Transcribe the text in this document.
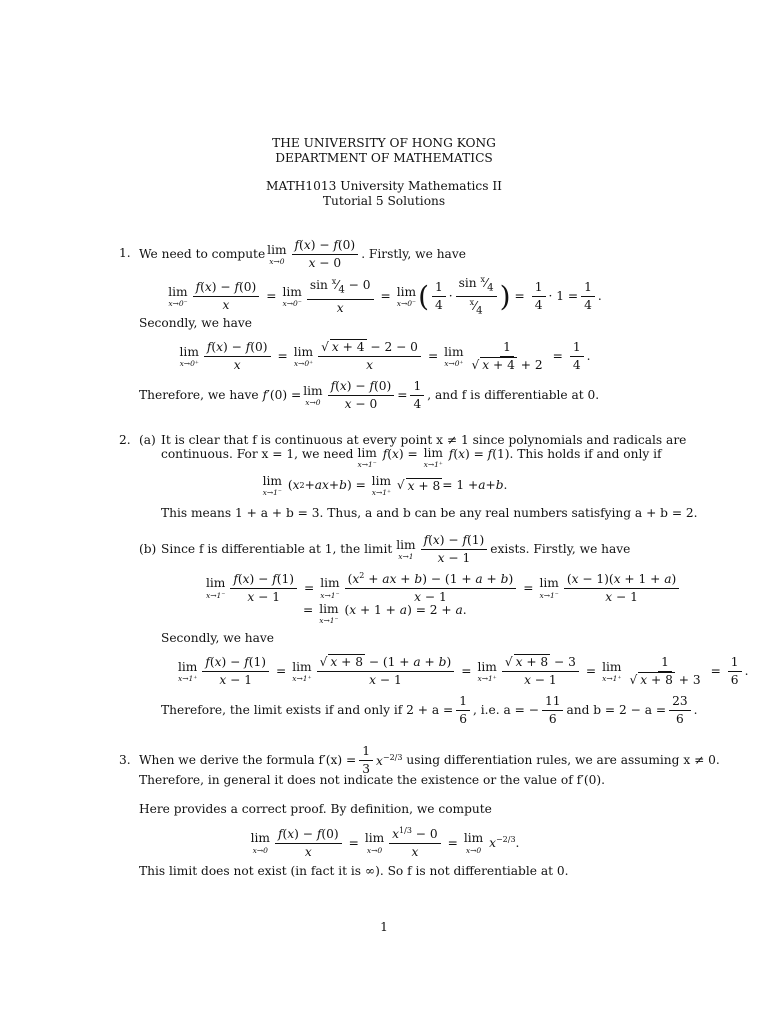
THE UNIVERSITY OF HONG KONG
DEPARTMENT OF MATHEMATICS
MATH1013 University Mathematics II
Tutorial 5 Solutions
1. We need to compute lim
$x\to 0 \frac{f(x) - f(0)}{x - 0}$ . Firstly, we have
lim
$x\to 0^- \frac{f(x) - f(0)}{x} = \lim$
$x\to 0^- \frac{\sin ^x⁄_4 - 0}{x} = \lim$
x→0⁻ ( $\frac{1}{4} \cdot \frac{\sin ^x⁄_4}{^x⁄_4}$ ) = $\frac{1}{4} \cdot 1 = \frac{1}{4}$ .
Secondly, we have
lim
$x\to 0^+ \frac{f(x) - f(0)}{x} = \lim$
$x\to 0^+ \frac{√ x + 4 - 2 - 0}{x} = \lim$
$x\to 0^+ \frac{1}{√ x + 4 + 2} = \frac{1}{4}$ .
Therefore, we have f′(0) = lim
$x\to 0 \frac{f(x) - f(0)}{x - 0} = \frac{1}{4}$ , and f is differentiable at 0.
2. (a) It is clear that f is continuous at every point x ≠ 1 since polynomials and radicals are
continuous. For x = 1, we need lim
x→1⁻
f(x) = lim
x→1⁺
f(x) = f(1) . This holds if and only if
lim
x→1⁻
( x 2 + ax + b ) = lim
x→1⁺
√ x + 8 = 1 + a + b .
This means 1 + a + b = 3. Thus, a and b can be any real numbers satisfying a + b = 2.
(b) Since f is differentiable at 1, the limit lim
$x\to 1 \frac{f(x) - f(1)}{x - 1}$ exists. Firstly, we have
lim
$x\to 1^- \frac{f(x) - f(1)}{x - 1} = \lim$
$x\to 1^- \frac{(x^2 + ax + b) - (1 + a + b)}{x - 1} = \lim$
$x\to 1^- \frac{(x - 1)(x + 1 + a)}{x - 1}$
= lim
x→1⁻
(x + 1 + a) = 2 + a.
Secondly, we have
lim
$x\to 1^+ \frac{f(x) - f(1)}{x - 1} = \lim$
$x\to 1^+ \frac{√ x + 8 - (1 + a + b)}{x - 1} = \lim$
$x\to 1^+ \frac{√ x + 8 - 3}{x - 1} = \lim$
$x\to 1^+ \frac{1}{√ x + 8 + 3} = \frac{1}{6}$ .
Therefore, the limit exists if and only if $2 + a = \frac{1}{6}$ , i.e. a = − $\frac{11}{6}$ and $b = 2 - a = \frac{23}{6}$ .
3. When we derive the formula $f'(x) = \frac{1}{3} x^{-2/3}$ using differentiation rules, we are assuming x ≠ 0.
Therefore, in general it does not indicate the existence or the value of f′(0).
Here provides a correct proof. By definition, we compute
lim
$x\to 0 \frac{f(x) - f(0)}{x} = \lim$
$x\to 0 \frac{x^{1/3} - 0}{x} = \lim$
x→0
$x^{-2/3}$.
This limit does not exist (in fact it is ∞). So f is not differentiable at 0.
1
